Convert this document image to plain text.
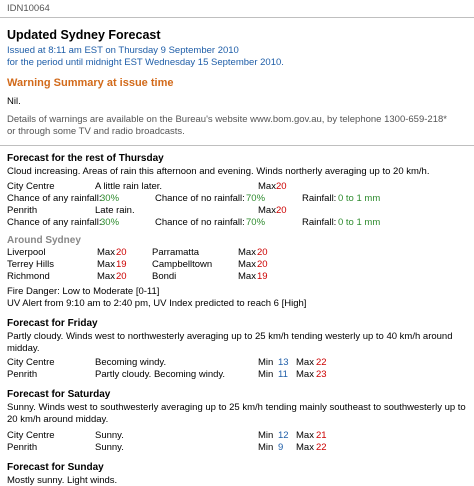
IDN10064
Updated Sydney Forecast
Issued at 8:11 am EST on Thursday 9 September 2010
for the period until midnight EST Wednesday 15 September 2010.
Warning Summary at issue time
Nil.
Details of warnings are available on the Bureau's website www.bom.gov.au, by telephone 1300-659-218*
or through some TV and radio broadcasts.
Forecast for the rest of Thursday
Cloud increasing. Areas of rain this afternoon and evening. Winds northerly averaging up to 20 km/h.
City Centre	A little rain later.	Max 20
Chance of any rainfall:
30%	Chance of no rainfall: 70%	Rainfall: 0 to 1 mm
Penrith	Late rain.	Max 20
Chance of any rainfall:
30%	Chance of no rainfall: 70%	Rainfall: 0 to 1 mm
Around Sydney
Liverpool	Max 20	Parramatta	Max 20
Terrey Hills	Max 19	Campbelltown	Max 20
Richmond	Max 20	Bondi	Max 19
Fire Danger: Low to Moderate [0-11]
UV Alert from 9:10 am to 2:40 pm, UV Index predicted to reach 6 [High]
Forecast for Friday
Partly cloudy. Winds west to northwesterly averaging up to 25 km/h tending westerly up to 40 km/h around midday.
City Centre	Becoming windy.	Min 13 Max 22
Penrith	Partly cloudy. Becoming windy.	Min 11 Max 23
Forecast for Saturday
Sunny. Winds west to southwesterly averaging up to 25 km/h tending mainly southeast to southwesterly up to 20 km/h around midday.
City Centre	Sunny.	Min 12 Max 21
Penrith	Sunny.	Min 9 Max 22
Forecast for Sunday
Mostly sunny. Light winds.
